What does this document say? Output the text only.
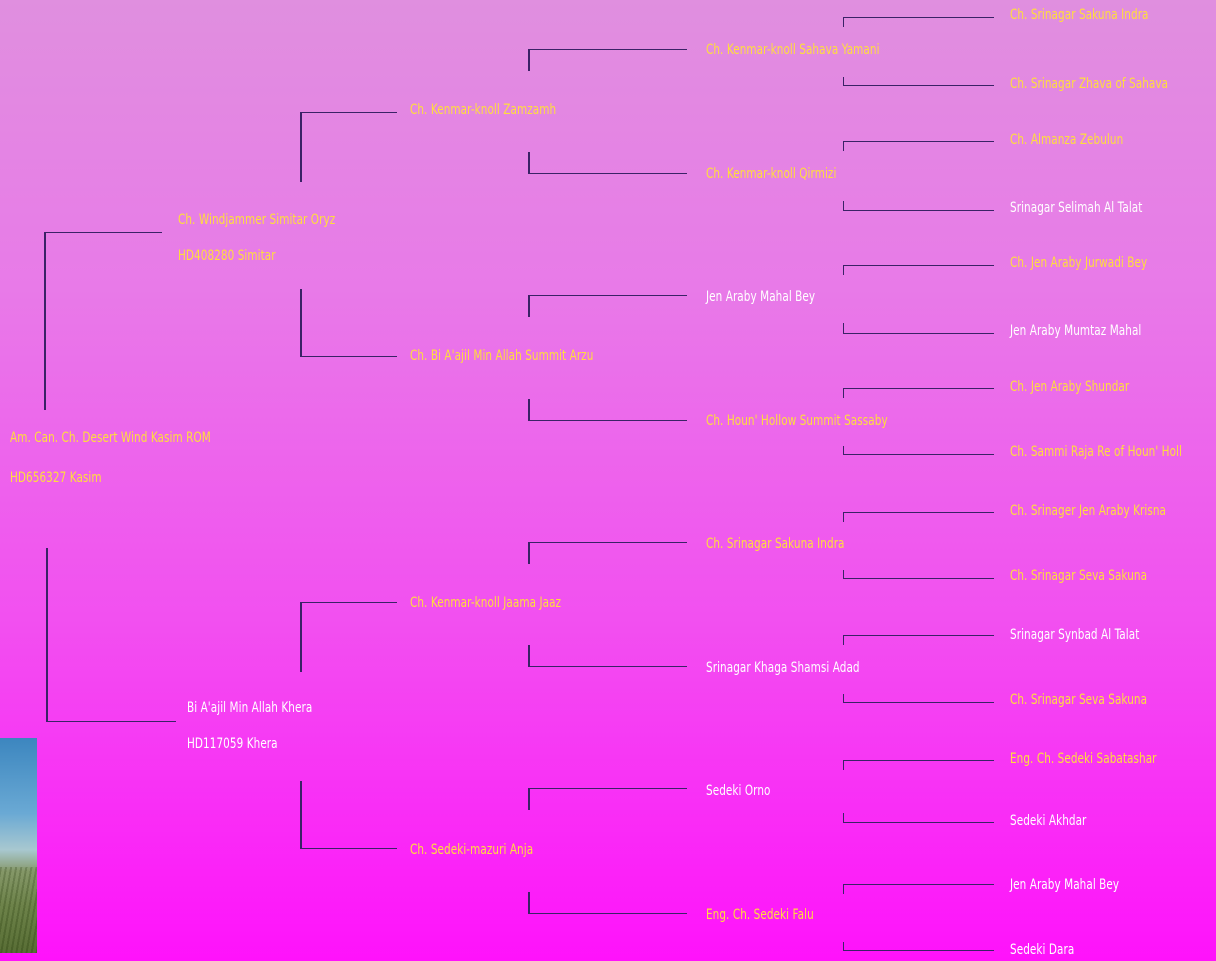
Am. Can. Ch. Desert Wind Kasim ROM
HD656327 Kasim
Ch. Windjammer Simitar Oryz
HD408280 Simitar
Bi A'ajil Min Allah Khera
HD117059 Khera
Ch. Kenmar-knoll Zamzamh
Ch. Bi A'ajil Min Allah Summit Arzu
Ch. Kenmar-knoll Jaama Jaaz
Ch. Sedeki-mazuri Anja
Ch. Kenmar-knoll Sahava Yamani
Ch. Kenmar-knoll Qirmizi
Jen Araby Mahal Bey
Ch. Houn' Hollow Summit Sassaby
Ch. Srinagar Sakuna Indra
Srinagar Khaga Shamsi Adad
Sedeki Orno
Eng. Ch. Sedeki Falu
Ch. Srinagar Sakuna Indra
Ch. Srinagar Zhava of Sahava
Ch. Almanza Zebulun
Srinagar Selimah Al Talat
Ch. Jen Araby Jurwadi Bey
Jen Araby Mumtaz Mahal
Ch. Jen Araby Shundar
Ch. Sammi Raja Re of Houn' Holl
Ch. Srinager Jen Araby Krisna
Ch. Srinagar Seva Sakuna
Srinagar Synbad Al Talat
Ch. Srinagar Seva Sakuna
Eng. Ch. Sedeki Sabatashar
Sedeki Akhdar
Jen Araby Mahal Bey
Sedeki Dara
